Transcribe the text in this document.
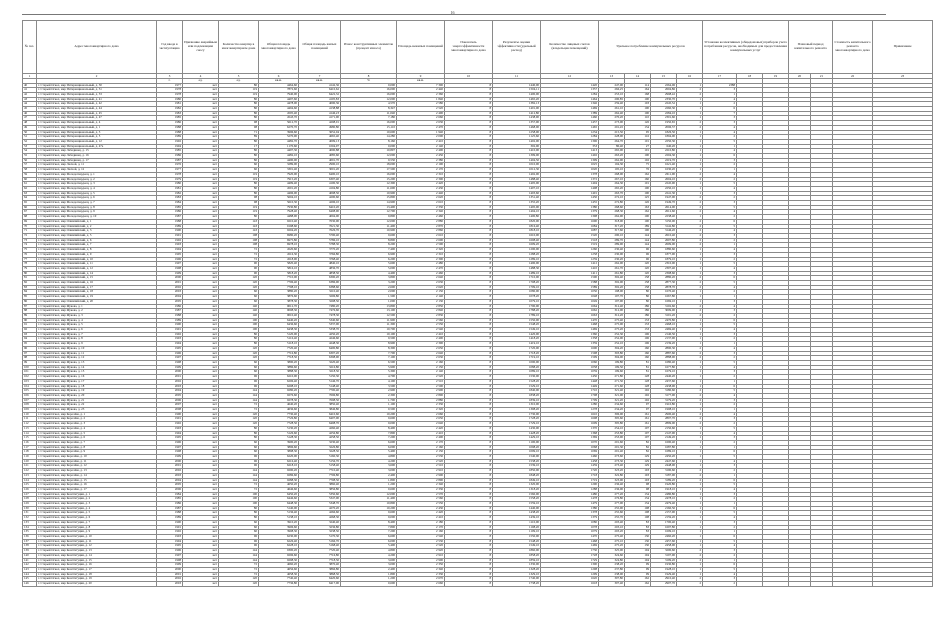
16
№ п.п.	Адрес многоквартирного дома	Год ввода в эксплуатацию	Признание аварийным или подлежащим сносу	Количество квартир в многоквартирном доме	Общая площадь многоквартирного дома	Общая площадь жилых помещений	Износ конструктивных элементов (процент износа)	Площадь нежилых помещений	Показатель энергоэффективности многоквартирного дома	Результаты оценки эффективности (удельный расход)	Количество лицевых счетов (владельцев помещений)	Удельное потребление коммунальных ресурсов				Установка коллективных (общедомовых) приборов учета потребления ресурсов, необходимых для предоставления коммунальных услуг			Плановый период капитального ремонта		Стоимость капитального ремонта многоквартирного дома	Примечание
1	2	3	4	5	6	7	8	9	10	11	12	13	14	15	16	17	18	19	20	21	22	23
		г.	ед.	ед.	кв.м.	кв.м.	%	кв.м.														
40	г. Старый Оскол, мкр Интернациональный, д. 30	1977	нет	80	4464,60	4142,36	0,000	7 390	8	1440,00	1420	247,00	114	2264,06	1	2388						
41	г. Старый Оскол, мкр Интернациональный, д. 31	1978	нет	119	7872,60	6410,62	16,000	2 440	8	1504,11	1357	266,25	164	2604,86	2	3						
42	г. Старый Оскол, мкр Интернациональный, д. 33	1978	нет	119	7940,00	6422,32	16,000	2 360	8	1400,00	1284	253,10	168	2998,42	2	1						
43	г. Старый Оскол, мкр Интернациональный, д. 41	1980	нет	80	4497,60	4105,83	12,000	1 840	8	1465,20	1464	290,85	100	2330,70	1	4						
44	г. Старый Оскол, мкр Интернациональный, д. 42	1981	нет	80	4478,00	4090,36	4,570	2 580	8	1382,13	1346	259,40	103	2245,52	1	2						
45	г. Старый Оскол, мкр Интернациональный, д. 44	1982	нет	80	4494,60	4138,88	8,347	2 520	8	1401,00	1469	261,10	100	2260,30	1	6						
46	г. Старый Оскол, мкр Интернациональный, д. 45	1983	нет	80	4505,40	4146,23	11,040	2 490	8	1412,80	1389	262,40	100	2284,10	1	7						
47	г. Старый Оскол, мкр Интернациональный, д. 47	1985	нет	80	4543,70	4171,90	7,180	2 660	8	1438,90	1460	270,20	110	2301,60	1	3						
48	г. Старый Оскол, мкр Интернациональный, д. 4	1986	нет	98	5612,70	4298,01	16,000	2 630	8	1357,00	1457	273,00	126	1950,65	2	3						
49	г. Старый Оскол, мкр Интернациональный, д. 1	1988	нет	98	6270,70	4980,80	15,110	2 470	8	1468,00	1465	291,45	134	2096,37	2	4						
50	г. Старый Оскол, мкр Интернациональный, д. 3	1988	нет	71	3996,60	3652,04	10,600	1 940	8	1258,00	1234	215,50	95	1826,50	1	4						
51	г. Старый Оскол, мкр Интернациональный, д. 5	1989	нет	89	5270,90	4665,40	14,280	2 000	8	1125,60	1284	228,00	116	1894,00	1	2						
52	г. Старый Оскол, мкр Интернациональный, д. 12	1992	нет	80	4482,70	4099,13	8,160	2 410	8	1402,00	1396	264,70	101	2250,30	1	5						
53	г. Старый Оскол, мкр Интернациональный, д. 47а	1994	нет	17	1170,60	1004,07	0,000	2 140	8	302,00	353	80,40	27	640,20	1	1						
54	г. Старый Оскол, мкр Лебединец, д. 15	1985	нет	80	4497,30	4090,88	10,897	2 400	8	1410,00	1413	265,00	101	2210,80	1	4						
55	г. Старый Оскол, мкр Лебединец, д. 16	1986	нет	80	4482,10	4085,60	12,000	2 450	8	1399,00	1402	263,20	100	2204,30	1	6						
56	г. Старый Оскол, мкр Лебединец, д. 17	1987	нет	80	4490,00	4091,70	9,530	2 380	8	1404,50	1399	262,00	102	2219,70	1	3						
57	г. Старый Оскол, мкр Лесной, д. 11	1976	нет	60	3289,00	2990,10	18,000	2 190	8	1010,00	1025	194,30	75	1621,40	1	2						
58	г. Старый Оскол, мкр Лесной, д. 12	1977	нет	60	3301,40	3001,20	17,500	2 170	8	1012,30	1020	195,10	76	1630,20	1	1						
59	г. Старый Оскол, мкр Молодогвардеец, д. 1	1978	нет	119	7920,00	6400,10	16,000	2 310	8	1492,00	1378	268,00	162	2611,90	2	4						
60	г. Старый Оскол, мкр Молодогвардеец, д. 2	1979	нет	119	7915,20	6397,40	15,200	2 300	8	1488,40	1372	267,10	160	2604,10	2	2						
61	г. Старый Оскол, мкр Молодогвардеец, д. 3	1980	нет	80	4499,40	4100,30	12,300	2 420	8	1405,00	1404	264,30	101	2245,90	1	5						
62	г. Старый Оскол, мкр Молодогвардеец, д. 4	1981	нет	80	4501,20	4104,80	11,600	2 430	8	1407,10	1408	265,20	100	2250,10	1	4						
63	г. Старый Оскол, мкр Молодогвардеец, д. 5	1982	нет	80	4496,00	4098,50	10,900	2 440	8	1403,60	1401	263,70	100	2241,30	1	3						
64	г. Старый Оскол, мкр Молодогвардеец, д. 6	1983	нет	98	5604,10	4290,60	15,800	2 620	8	1351,40	1450	272,10	125	1947,00	2	2						
65	г. Старый Оскол, мкр Молодогвардеец, д. 7	1984	нет	98	5610,30	4296,10	14,900	2 610	8	1355,20	1455	272,80	126	1949,70	2	3						
66	г. Старый Оскол, мкр Молодогвардеец, д. 8	1985	нет	119	7930,80	6410,20	13,400	2 330	8	1495,00	1380	268,60	163	2614,00	2	5						
67	г. Старый Оскол, мкр Молодогвардеец, д. 9	1986	нет	119	7928,40	6408,90	12,700	2 340	8	1494,10	1379	268,30	162	2612,60	2	4						
68	г. Старый Оскол, мкр Молодогвардеец, д. 10	1987	нет	80	4488,90	4094,00	9,800	2 460	8	1400,80	1398	262,90	100	2238,40	1	2						
69	г. Старый Оскол, мкр Олимпийский, д. 1	1988	нет	143	9210,40	7630,00	12,000	2 880	8	1820,00	1690	318,00	190	3150,00	2	6						
70	г. Старый Оскол, мкр Олимпийский, д. 2	1989	нет	143	9198,60	7621,30	11,400	2 870	8	1816,40	1684	317,20	189	3142,80	2	5						
71	г. Старый Оскол, мкр Олимпийский, д. 3	1990	нет	143	9204,20	7626,70	10,900	2 860	8	1818,10	1687	317,60	190	3146,20	2	4						
72	г. Старый Оскол, мкр Олимпийский, д. 5	1991	нет	108	6980,20	5790,40	9,600	2 610	8	1610,00	1520	290,10	144	2610,40	2	3						
73	г. Старый Оскол, мкр Олимпийский, д. 6	1992	нет	108	6975,80	5786,10	8,800	2 600	8	1608,40	1518	289,70	144	2607,80	2	2						
74	г. Старый Оскол, мкр Олимпийский, д. 7	1993	нет	108	6978,10	5788,30	8,200	2 590	8	1609,20	1519	289,90	144	2609,00	2	1						
75	г. Старый Оскол, мкр Олимпийский, д. 8	1994	нет	72	4520,60	3770,20	7,400	2 320	8	1290,00	1260	230,40	96	1880,60	1	4						
76	г. Старый Оскол, мкр Олимпийский, д. 9	1995	нет	72	4516,30	3766,80	6,900	2 310	8	1288,20	1258	230,00	96	1877,90	1	3						
77	г. Старый Оскол, мкр Олимпийский, д. 10	1996	нет	72	4518,90	3768,40	6,200	2 300	8	1289,10	1259	230,20	96	1879,10	1	2						
78	г. Старый Оскол, мкр Олимпийский, д. 11	1997	нет	90	5820,40	4840,10	5,600	2 480	8	1490,00	1412	262,00	120	2310,00	1	5						
79	г. Старый Оскол, мкр Олимпийский, д. 12	1998	нет	90	5816,10	4836,70	5,000	2 470	8	1488,30	1410	261,70	120	2307,40	1	4						
80	г. Старый Оскол, мкр Олимпийский, д. 14	1999	нет	90	5818,20	4838,50	4,400	2 460	8	1489,10	1411	261,80	120	2308,60	1	3						
81	г. Старый Оскол, мкр Олимпийский, д. 15	2000	нет	120	7710,00	6390,20	3,800	2 640	8	1710,00	1590	302,40	158	2880,20	2	6						
82	г. Старый Оскол, мкр Олимпийский, д. 16	2001	нет	120	7706,40	6386,90	3,200	2 630	8	1708,20	1588	302,00	158	2877,30	2	5						
83	г. Старый Оскол, мкр Олимпийский, д. 17	2002	нет	120	7708,10	6388,60	2,600	2 620	8	1709,10	1589	302,20	158	2878,70	2	4						
84	г. Старый Оскол, мкр Олимпийский, д. 18	2003	нет	60	3880,20	3210,40	2,000	2 150	8	1080,00	1050	198,00	80	1670,40	1	2						
85	г. Старый Оскол, мкр Олимпийский, д. 19	2004	нет	60	3876,60	3206,80	1,500	2 140	8	1078,20	1048	197,70	80	1667,80	1	1						
86	г. Старый Оскол, мкр Олимпийский, д. 20	2005	нет	60	3878,30	3208,50	1,000	2 130	8	1079,10	1049	197,90	80	1669,10	1	3						
87	г. Старый Оскол, мкр Жукова, д. 1	1986	нет	140	9012,70	7480,20	13,800	2 850	8	1790,00	1664	312,40	186	3102,60	2	4						
88	г. Старый Оскол, мкр Жукова, д. 2	1987	нет	140	9008,30	7476,60	13,100	2 840	8	1788,20	1662	312,00	186	3099,90	2	3						
89	г. Старый Оскол, мкр Жукова, д. 3	1988	нет	140	9010,40	7478,30	12,500	2 830	8	1789,10	1663	312,20	186	3101,20	2	2						
90	г. Старый Оскол, мкр Жукова, д. 4	1989	нет	100	6440,20	5340,60	11,900	2 560	8	1550,00	1470	275,40	133	2470,80	1	6						
91	г. Старый Оскол, мкр Жукова, д. 5	1990	нет	100	6436,60	5337,00	11,300	2 550	8	1548,20	1468	275,00	133	2468,10	1	5						
92	г. Старый Оскол, мкр Жукова, д. 6	1991	нет	100	6438,30	5338,70	10,700	2 540	8	1549,10	1469	275,20	133	2469,40	1	4						
93	г. Старый Оскол, мкр Жукова, д. 7	1992	нет	80	5120,00	4250,20	10,100	2 410	8	1420,00	1360	252,30	106	2140,50	1	3						
94	г. Старый Оскол, мкр Жукова, д. 8	1993	нет	80	5116,40	4246,60	9,500	2 400	8	1418,20	1358	252,00	106	2137,90	1	2						
95	г. Старый Оскол, мкр Жукова, д. 9	1994	нет	80	5118,10	4248,30	8,900	2 390	8	1419,10	1359	252,10	106	2139,20	1	1						
96	г. Старый Оскол, мкр Жукова, д. 10	1995	нет	120	7720,40	6400,80	8,300	2 650	8	1720,00	1600	304,20	160	2890,30	2	4						
97	г. Старый Оскол, мкр Жукова, д. 11	1996	нет	120	7716,80	6397,20	7,700	2 640	8	1718,20	1598	303,80	160	2887,60	2	3						
98	г. Старый Оскол, мкр Жукова, д. 12	1997	нет	120	7718,50	6398,90	7,100	2 630	8	1719,10	1599	304,00	160	2888,90	2	2						
99	г. Старый Оскол, мкр Жукова, д. 13	1998	нет	60	3890,20	3220,40	6,500	2 160	8	1090,00	1060	199,80	81	1680,40	1	5						
100	г. Старый Оскол, мкр Жукова, д. 14	1999	нет	60	3886,60	3216,80	5,900	2 150	8	1088,20	1058	199,50	81	1677,80	1	4						
101	г. Старый Оскол, мкр Жукова, д. 15	2000	нет	60	3888,30	3218,50	5,300	2 140	8	1089,10	1059	199,60	81	1679,10	1	3						
102	г. Старый Оскол, мкр Жукова, д. 16	2001	нет	96	6210,00	5150,30	4,700	2 520	8	1530,00	1450	271,80	128	2440,20	1	2						
103	г. Старый Оскол, мкр Жукова, д. 17	2002	нет	96	6206,40	5146,70	4,100	2 510	8	1528,20	1448	271,50	128	2437,60	1	1						
104	г. Старый Оскол, мкр Жукова, д. 18	2003	нет	96	6208,10	5148,40	3,500	2 500	8	1529,10	1449	271,60	128	2438,90	1	6						
105	г. Старый Оскол, мкр Жукова, д. 19	2004	нет	144	9280,20	7700,40	2,900	2 900	8	1840,00	1710	321,40	192	3180,60	2	5						
106	г. Старый Оскол, мкр Жукова, д. 20	2005	нет	144	9276,60	7696,80	2,300	2 890	8	1838,20	1708	321,00	192	3177,90	2	4						
107	г. Старый Оскол, мкр Жукова, д. 21	2006	нет	144	9278,30	7698,50	1,700	2 880	8	1839,10	1709	321,20	192	3179,20	2	3						
108	г. Старый Оскол, мкр Жукова, д. 22	2007	нет	72	4640,20	3850,40	1,100	2 330	8	1310,00	1280	234,60	97	1910,80	1	2						
109	г. Старый Оскол, мкр Жукова, д. 23	2008	нет	72	4636,60	3846,80	0,500	2 320	8	1308,20	1278	234,20	97	1908,10	1	1						
110	г. Старый Оскол, мкр Королёва, д. 1	1990	нет	120	7730,40	6410,60	10,200	2 660	8	1730,00	1610	306,00	161	2900,40	2	4						
111	г. Старый Оскол, мкр Королёва, д. 2	1991	нет	120	7726,80	6407,00	9,600	2 650	8	1728,20	1608	305,60	161	2897,70	2	3						
112	г. Старый Оскол, мкр Королёва, д. 3	1992	нет	120	7728,50	6408,70	9,000	2 640	8	1729,10	1609	305,80	161	2899,00	2	2						
113	г. Старый Оскол, мкр Королёва, д. 4	1993	нет	80	5130,20	4260,40	8,400	2 420	8	1430,00	1370	254,10	107	2150,60	1	5						
114	г. Старый Оскол, мкр Королёва, д. 5	1994	нет	80	5126,60	4256,80	7,800	2 410	8	1428,20	1368	253,80	107	2147,90	1	4						
115	г. Старый Оскол, мкр Королёва, д. 6	1995	нет	80	5128,30	4258,50	7,200	2 400	8	1429,10	1369	253,90	107	2149,20	1	3						
116	г. Старый Оскол, мкр Королёва, д. 7	1996	нет	60	3900,20	3230,40	6,600	2 170	8	1100,00	1070	201,60	82	1690,40	1	2						
117	г. Старый Оскол, мкр Королёва, д. 8	1997	нет	60	3896,60	3226,80	6,000	2 160	8	1098,20	1068	201,30	82	1687,80	1	1						
118	г. Старый Оскол, мкр Королёва, д. 9	1998	нет	60	3898,30	3228,50	5,400	2 150	8	1099,10	1069	201,40	82	1689,10	1	6						
119	г. Старый Оскол, мкр Королёва, д. 10	1999	нет	96	6220,00	5160,30	4,800	2 530	8	1540,00	1460	273,60	129	2450,20	1	5						
120	г. Старый Оскол, мкр Королёва, д. 11	2000	нет	96	6216,40	5156,70	4,200	2 520	8	1538,20	1458	273,30	129	2447,60	1	4						
121	г. Старый Оскол, мкр Королёва, д. 12	2001	нет	96	6218,10	5158,40	3,600	2 510	8	1539,10	1459	273,40	129	2448,90	1	3						
122	г. Старый Оскол, мкр Королёва, д. 13	2002	нет	144	9290,20	7710,40	3,000	2 910	8	1850,00	1720	323,20	193	3190,60	2	2						
123	г. Старый Оскол, мкр Королёва, д. 14	2003	нет	144	9286,60	7706,80	2,400	2 900	8	1848,20	1718	322,80	193	3187,90	2	1						
124	г. Старый Оскол, мкр Королёва, д. 15	2004	нет	144	9288,30	7708,50	1,800	2 890	8	1849,10	1719	323,00	193	3189,20	2	6						
125	г. Старый Оскол, мкр Королёва, д. 16	2005	нет	72	4650,20	3860,40	1,200	2 340	8	1320,00	1290	236,40	98	1920,80	1	5						
126	г. Старый Оскол, мкр Королёва, д. 17	2006	нет	72	4646,60	3856,80	0,600	2 330	8	1318,20	1288	236,00	98	1918,10	1	4						
127	г. Старый Оскол, мкр Конституции, д. 1	1984	нет	100	6450,20	5350,60	12,000	2 570	8	1560,00	1480	277,20	134	2480,80	1	3						
128	г. Старый Оскол, мкр Конституции, д. 2	1985	нет	100	6446,60	5347,00	11,400	2 560	8	1558,20	1478	276,80	134	2478,10	1	2						
129	г. Старый Оскол, мкр Конституции, д. 3	1986	нет	100	6448,30	5348,70	10,800	2 550	8	1559,10	1479	277,00	134	2479,40	1	1						
130	г. Старый Оскол, мкр Конституции, д. 4	1987	нет	80	5140,00	4270,20	10,200	2 430	8	1440,00	1380	255,90	108	2160,50	1	6						
131	г. Старый Оскол, мкр Конституции, д. 5	1988	нет	80	5136,40	4266,60	9,600	2 420	8	1438,20	1378	255,60	108	2157,90	1	5						
132	г. Старый Оскол, мкр Конституции, д. 6	1989	нет	80	5138,10	4268,30	9,000	2 410	8	1439,10	1379	255,70	108	2159,20	1	4						
133	г. Старый Оскол, мкр Конституции, д. 7	1990	нет	60	3910,20	3240,40	8,400	2 180	8	1110,00	1080	203,40	83	1700,40	1	3						
134	г. Старый Оскол, мкр Конституции, д. 8	1991	нет	60	3906,60	3236,80	7,800	2 170	8	1108,20	1078	203,10	83	1697,80	1	2						
135	г. Старый Оскол, мкр Конституции, д. 9	1992	нет	60	3908,30	3238,50	7,200	2 160	8	1109,10	1079	203,20	83	1699,10	1	1						
136	г. Старый Оскол, мкр Конституции, д. 10	1993	нет	96	6230,00	5170,30	6,600	2 540	8	1550,00	1470	275,40	130	2460,20	1	6						
137	г. Старый Оскол, мкр Конституции, д. 11	1994	нет	96	6226,40	5166,70	6,000	2 530	8	1548,20	1468	275,10	130	2457,60	1	5						
138	г. Старый Оскол, мкр Конституции, д. 12	1995	нет	96	6228,10	5168,40	5,400	2 520	8	1549,10	1469	275,20	130	2458,90	1	4						
139	г. Старый Оскол, мкр Конституции, д. 13	1996	нет	144	9300,20	7720,40	4,800	2 920	8	1860,00	1730	325,00	194	3200,60	2	3						
140	г. Старый Оскол, мкр Конституции, д. 14	1997	нет	144	9296,60	7716,80	4,200	2 910	8	1858,20	1728	324,60	194	3197,90	2	2						
141	г. Старый Оскол, мкр Конституции, д. 15	1998	нет	144	9298,30	7718,50	3,600	2 900	8	1859,10	1729	324,80	194	3199,20	2	1						
142	г. Старый Оскол, мкр Конституции, д. 16	1999	нет	72	4660,20	3870,40	3,000	2 350	8	1330,00	1300	238,20	99	1930,80	1	6						
143	г. Старый Оскол, мкр Конституции, д. 17	2000	нет	72	4656,60	3866,80	2,400	2 340	8	1328,20	1298	237,80	99	1928,10	1	5						
144	г. Старый Оскол, мкр Конституции, д. 18	2001	нет	72	4658,30	3868,50	1,800	2 330	8	1329,10	1299	238,00	99	1929,40	1	4						
145	г. Старый Оскол, мкр Конституции, д. 19	2002	нет	120	7740,40	6420,60	1,200	2 670	8	1740,00	1620	307,80	162	2910,40	2	3						
146	г. Старый Оскол, мкр Конституции, д. 20	2003	нет	120	7736,80	6417,00	0,600	2 660	8	1738,20	1618	307,40	162	2907,70	2	2						
